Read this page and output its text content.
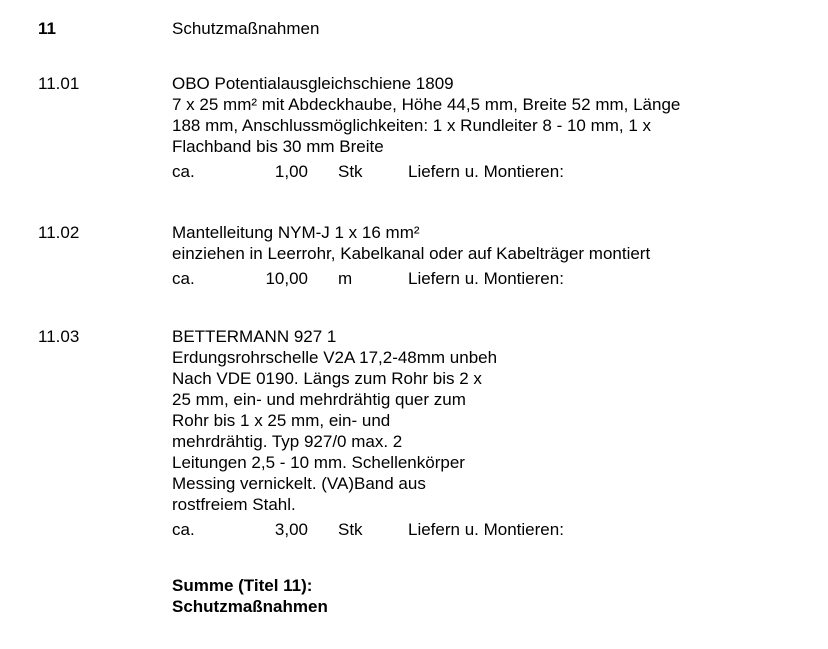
11	Schutzmaßnahmen
11.01	OBO Potentialausgleichschiene 1809
7 x 25 mm² mit Abdeckhaube, Höhe 44,5 mm, Breite 52 mm, Länge
188 mm, Anschlussmöglichkeiten: 1 x Rundleiter 8 - 10 mm, 1 x
Flachband bis 30 mm Breite
ca.	1,00 Stk	Liefern u. Montieren:
11.02	Mantelleitung NYM-J 1 x 16 mm²
einziehen in Leerrohr, Kabelkanal oder auf Kabelträger montiert
ca.	10,00 m	Liefern u. Montieren:
11.03	BETTERMANN 927 1
Erdungsrohrschelle V2A 17,2-48mm unbeh
Nach VDE 0190. Längs zum Rohr bis 2 x
25 mm, ein- und mehrdrähtig quer zum
Rohr bis 1 x 25 mm, ein- und
mehrdrähtig. Typ 927/0 max. 2
Leitungen 2,5 - 10 mm. Schellenkörper
Messing vernickelt. (VA)Band aus
rostfreiem Stahl.
ca.	3,00 Stk	Liefern u. Montieren:
Summe (Titel 11):
Schutzmaßnahmen
